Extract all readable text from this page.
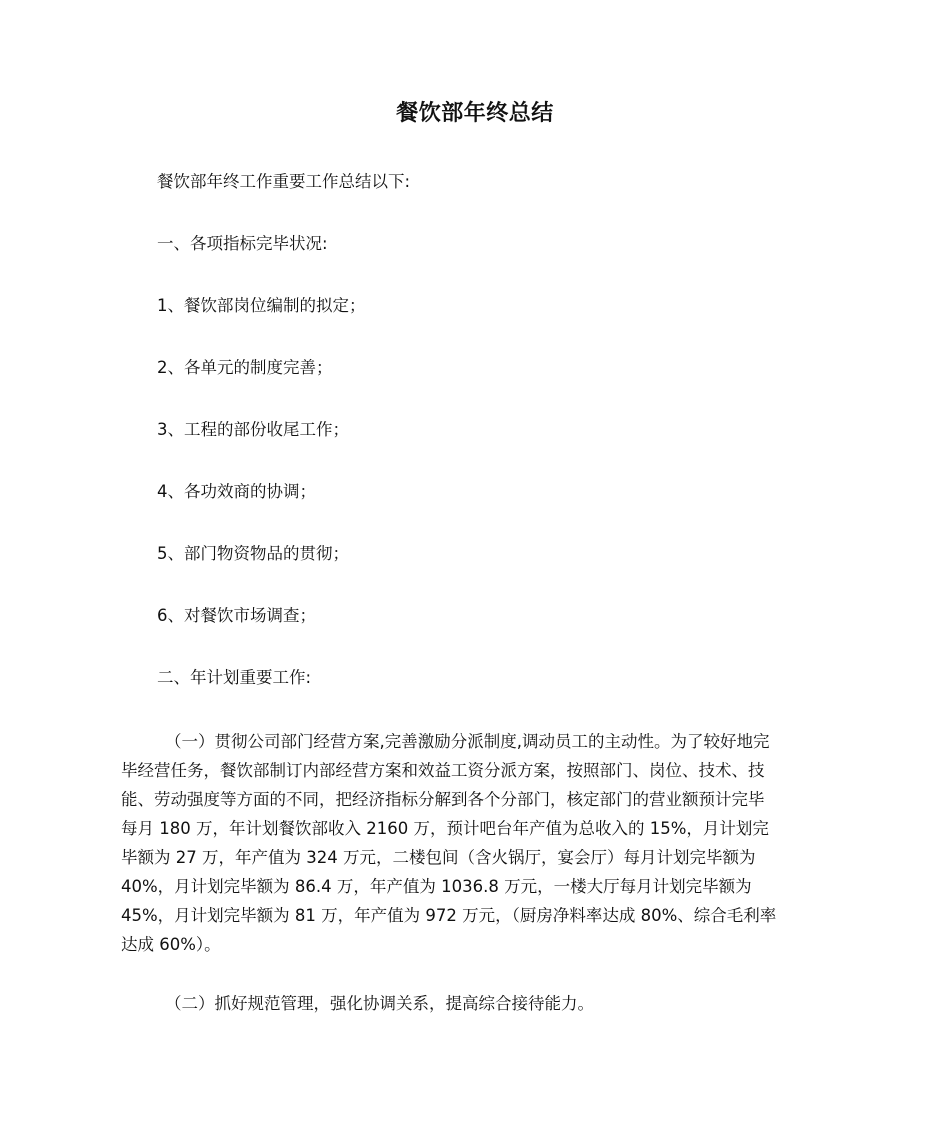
餐饮部年终总结

餐饮部年终工作重要工作总结以下:

一、各项指标完毕状况:

1、餐饮部岗位编制的拟定；

2、各单元的制度完善；

3、工程的部份收尾工作；

4、各功效商的协调；

5、部门物资物品的贯彻；

6、对餐饮市场调查；

二、年计划重要工作:

（一）贯彻公司部门经营方案,完善激励分派制度,调动员工的主动性。为了较好地完
毕经营任务，餐饮部制订内部经营方案和效益工资分派方案，按照部门、岗位、技术、技
能、劳动强度等方面的不同，把经济指标分解到各个分部门，核定部门的营业额预计完毕
每月 180 万，年计划餐饮部收入 2160 万，预计吧台年产值为总收入的 15%，月计划完
毕额为 27 万，年产值为 324 万元，二楼包间（含火锅厅，宴会厅）每月计划完毕额为
40%，月计划完毕额为 86.4 万，年产值为 1036.8 万元，一楼大厅每月计划完毕额为
45%，月计划完毕额为 81 万，年产值为 972 万元，（厨房净料率达成 80%、综合毛利率
达成 60%）。
（二）抓好规范管理，强化协调关系，提高综合接待能力。
